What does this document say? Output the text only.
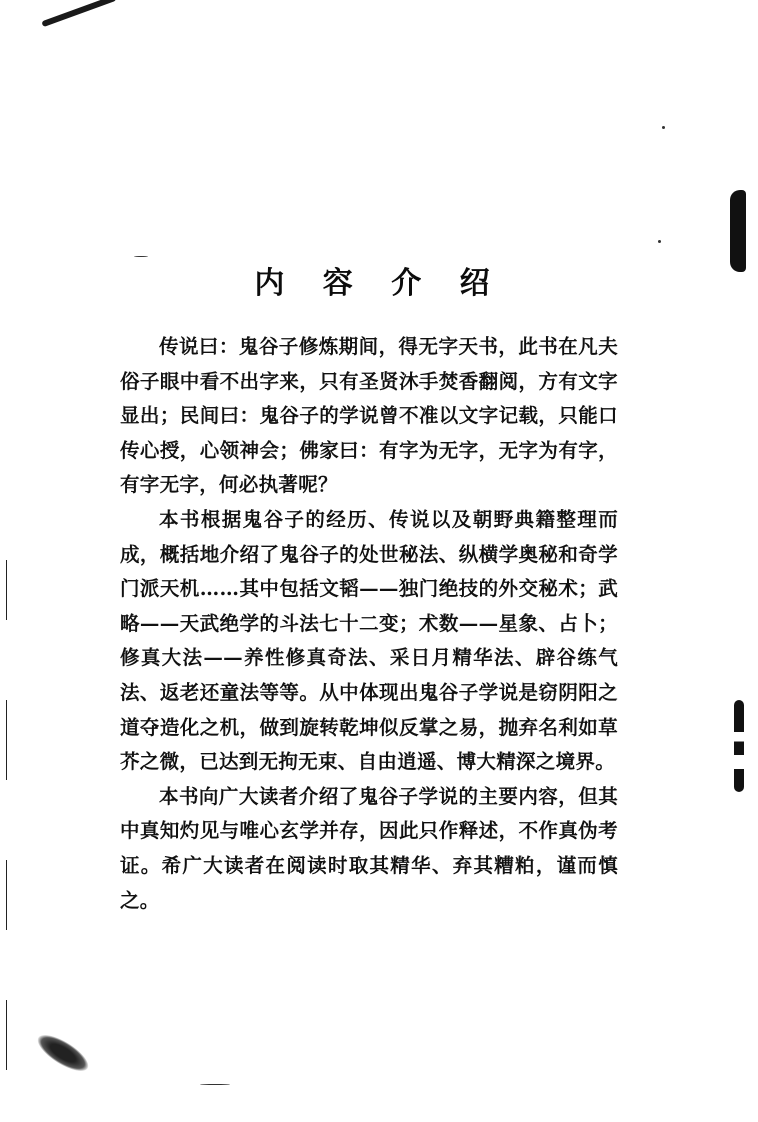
内 容 介 绍

传说曰：鬼谷子修炼期间，得无字天书，此书在凡夫俗子眼中看不出字来，只有圣贤沐手焚香翻阅，方有文字显出；民间曰：鬼谷子的学说曾不准以文字记载，只能口传心授，心领神会；佛家曰：有字为无字，无字为有字，有字无字，何必执著呢？

本书根据鬼谷子的经历、传说以及朝野典籍整理而成，概括地介绍了鬼谷子的处世秘法、纵横学奥秘和奇学门派天机……其中包括文韬——独门绝技的外交秘术；武略——天武绝学的斗法七十二变；术数——星象、占卜；修真大法——养性修真奇法、采日月精华法、辟谷练气法、返老还童法等等。从中体现出鬼谷子学说是窃阴阳之道夺造化之机，做到旋转乾坤似反掌之易，抛弃名利如草芥之微，已达到无拘无束、自由逍遥、博大精深之境界。

本书向广大读者介绍了鬼谷子学说的主要内容，但其中真知灼见与唯心玄学并存，因此只作释述，不作真伪考证。希广大读者在阅读时取其精华、弃其糟粕，谨而慎之。
